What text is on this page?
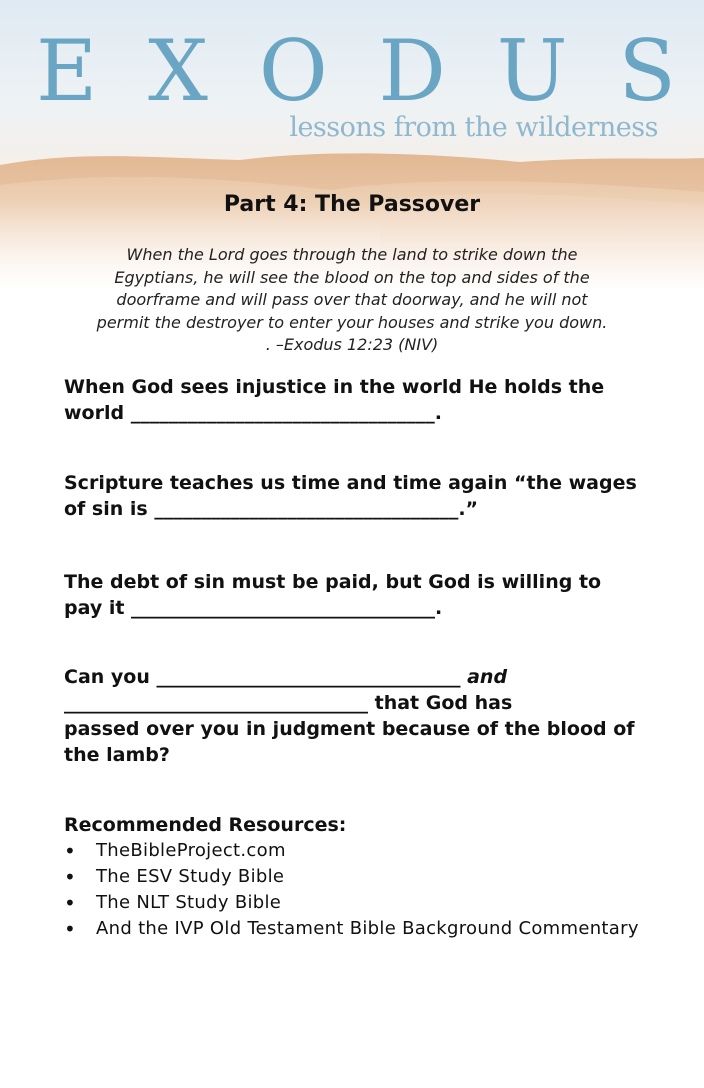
E X O D U S
lessons from the wilderness
Part 4: The Passover

When the Lord goes through the land to strike down the

Egyptians, he will see the blood on the top and sides of the

doorframe and will pass over that doorway, and he will not

permit the destroyer to enter your houses and strike you down.

. –Exodus 12:23 (NIV)

When God sees injustice in the world He holds the
world ________________________________.
Scripture teaches us time and time again “the wages
of sin is ________________________________.”
The debt of sin must be paid, but God is willing to
pay it ________________________________.
Can you ________________________________ and
________________________________ that God has
passed over you in judgment because of the blood of
the lamb?
Recommended Resources:
• TheBibleProject.com
• The ESV Study Bible
• The NLT Study Bible
• And the IVP Old Testament Bible Background Commentary
